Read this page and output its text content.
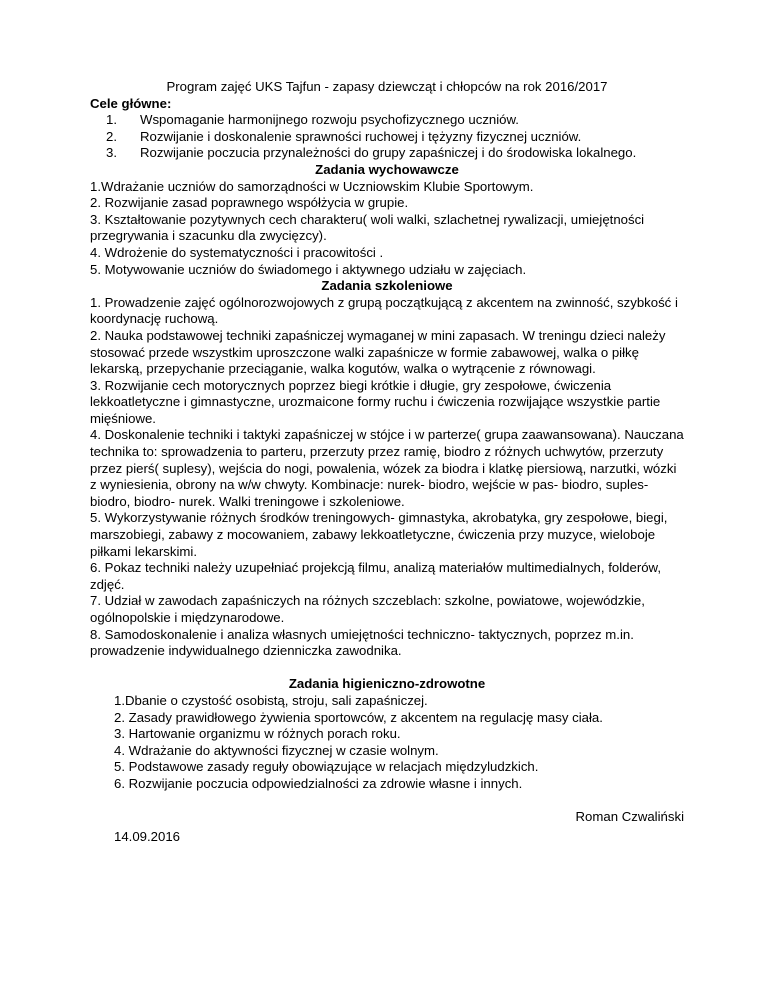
Program zajęć UKS Tajfun - zapasy dziewcząt i chłopców na rok 2016/2017

Cele główne:

1.	Wspomaganie harmonijnego rozwoju psychofizycznego uczniów.
2.	Rozwijanie i doskonalenie sprawności ruchowej i tężyzny fizycznej uczniów.
3.	Rozwijanie poczucia przynależności do grupy zapaśniczej i do środowiska lokalnego.

Zadania wychowawcze

1.Wdrażanie uczniów do samorządności w Uczniowskim Klubie Sportowym.

2. Rozwijanie zasad poprawnego współżycia w grupie.

3. Kształtowanie pozytywnych cech charakteru( woli walki, szlachetnej rywalizacji, umiejętności przegrywania i szacunku dla zwycięzcy).

4. Wdrożenie do systematyczności i pracowitości .

5. Motywowanie uczniów do świadomego i aktywnego udziału w zajęciach.

Zadania szkoleniowe

1. Prowadzenie zajęć ogólnorozwojowych z grupą początkującą z akcentem na zwinność, szybkość i koordynację ruchową.

2. Nauka podstawowej techniki zapaśniczej wymaganej w mini zapasach. W treningu dzieci należy stosować przede wszystkim uproszczone walki zapaśnicze w formie zabawowej, walka o piłkę lekarską, przepychanie przeciąganie, walka kogutów, walka o wytrącenie z równowagi.

3. Rozwijanie cech motorycznych poprzez biegi krótkie i długie, gry zespołowe, ćwiczenia lekkoatletyczne i gimnastyczne, urozmaicone formy ruchu i ćwiczenia rozwijające wszystkie partie mięśniowe.

4. Doskonalenie techniki i taktyki zapaśniczej w stójce i w parterze( grupa zaawansowana). Nauczana technika to: sprowadzenia to parteru, przerzuty przez ramię, biodro z różnych uchwytów, przerzuty przez pierś( suplesy), wejścia do nogi, powalenia, wózek za biodra i klatkę piersiową, narzutki, wózki z wyniesienia, obrony na w/w chwyty. Kombinacje: nurek- biodro, wejście w pas- biodro, suples- biodro, biodro- nurek. Walki treningowe i szkoleniowe.

5. Wykorzystywanie różnych środków treningowych- gimnastyka, akrobatyka, gry zespołowe, biegi, marszobiegi, zabawy z mocowaniem, zabawy lekkoatletyczne, ćwiczenia przy muzyce, wieloboje piłkami lekarskimi.

6. Pokaz techniki należy uzupełniać projekcją filmu, analizą materiałów multimedialnych, folderów, zdjęć.

7. Udział w zawodach zapaśniczych na różnych szczeblach: szkolne, powiatowe, wojewódzkie, ogólnopolskie i międzynarodowe.

8. Samodoskonalenie i analiza własnych umiejętności techniczno- taktycznych, poprzez m.in. prowadzenie indywidualnego dzienniczka zawodnika.

Zadania higieniczno-zdrowotne

1.Dbanie o czystość osobistą, stroju, sali zapaśniczej.

2. Zasady prawidłowego żywienia sportowców, z akcentem na regulację masy ciała.

3. Hartowanie organizmu w różnych porach roku.

4. Wdrażanie do aktywności fizycznej w czasie wolnym.

5. Podstawowe zasady reguły obowiązujące w relacjach międzyludzkich.

6. Rozwijanie poczucia odpowiedzialności za zdrowie własne i innych.

Roman Czwaliński

14.09.2016
